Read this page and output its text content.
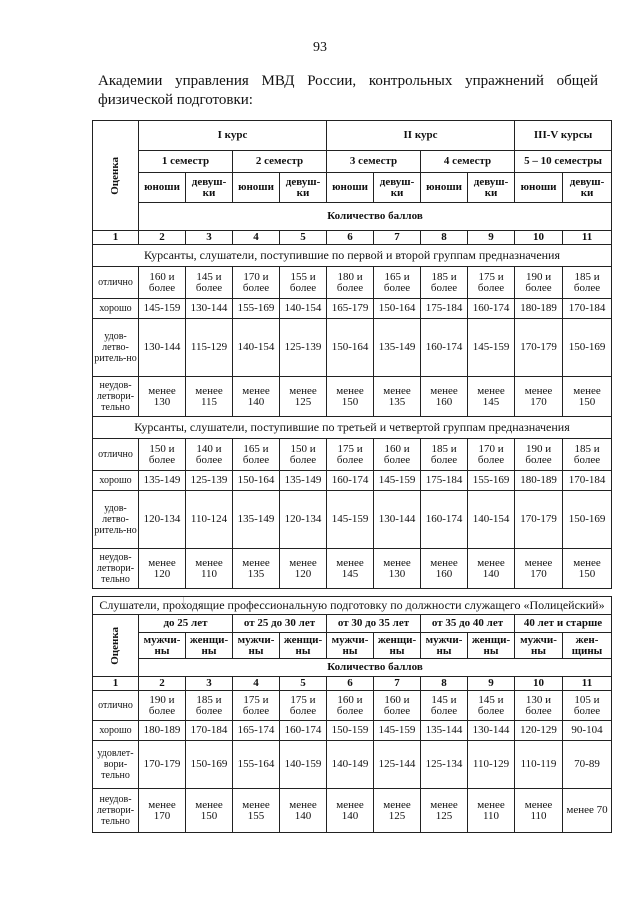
93
Академии управления МВД России, контрольных упражнений общей
физической подготовки:
Оценка	I курс				II курс				III-V курсы	
	1 семестр		2 семестр		3 семестр		4 семестр		5 – 10 семестры	
	юноши	девуш-ки	юноши	девуш-ки	юноши	девуш-ки	юноши	девуш-ки	юноши	девуш-ки
	Количество баллов									
1	2	3	4	5	6	7	8	9	10	11
Курсанты, слушатели, поступившие по первой и второй группам предназначения										
отлично	160 и более	145 и более	170 и более	155 и более	180 и более	165 и более	185 и более	175 и более	190 и более	185 и более
хорошо	145-159	130-144	155-169	140-154	165-179	150-164	175-184	160-174	180-189	170-184
удов-летво-ритель-но	130-144	115-129	140-154	125-139	150-164	135-149	160-174	145-159	170-179	150-169
неудов-летвори-тельно	менее 130	менее 115	менее 140	менее 125	менее 150	менее 135	менее 160	менее 145	менее 170	менее 150
Курсанты, слушатели, поступившие по третьей и четвертой группам предназначения										
отлично	150 и более	140 и более	165 и более	150 и более	175 и более	160 и более	185 и более	170 и более	190 и более	185 и более
хорошо	135-149	125-139	150-164	135-149	160-174	145-159	175-184	155-169	180-189	170-184
удов-летво-ритель-но	120-134	110-124	135-149	120-134	145-159	130-144	160-174	140-154	170-179	150-169
неудов-летвори-тельно	менее 120	менее 110	менее 135	менее 120	менее 145	менее 130	менее 160	менее 140	менее 170	менее 150
Слушатели, проходящие профессиональную подготовку по должности служащего «Полицейский»										

Оценка	до 25 лет		от 25 до 30 лет		от 30 до 35 лет		от 35 до 40 лет		40 лет и старше	
	мужчи-ны	женщи-ны	мужчи-ны	женщи-ны	мужчи-ны	женщи-ны	мужчи-ны	женщи-ны	мужчи-ны	жен-щины
	Количество баллов									
1	2	3	4	5	6	7	8	9	10	11
отлично	190 и более	185 и более	175 и более	175 и более	160 и более	160 и более	145 и более	145 и более	130 и более	105 и более
хорошо	180-189	170-184	165-174	160-174	150-159	145-159	135-144	130-144	120-129	90-104
удовлет-вори-тельно	170-179	150-169	155-164	140-159	140-149	125-144	125-134	110-129	110-119	70-89
неудов-летвори-тельно	менее 170	менее 150	менее 155	менее 140	менее 140	менее 125	менее 125	менее 110	менее 110	менее 70
